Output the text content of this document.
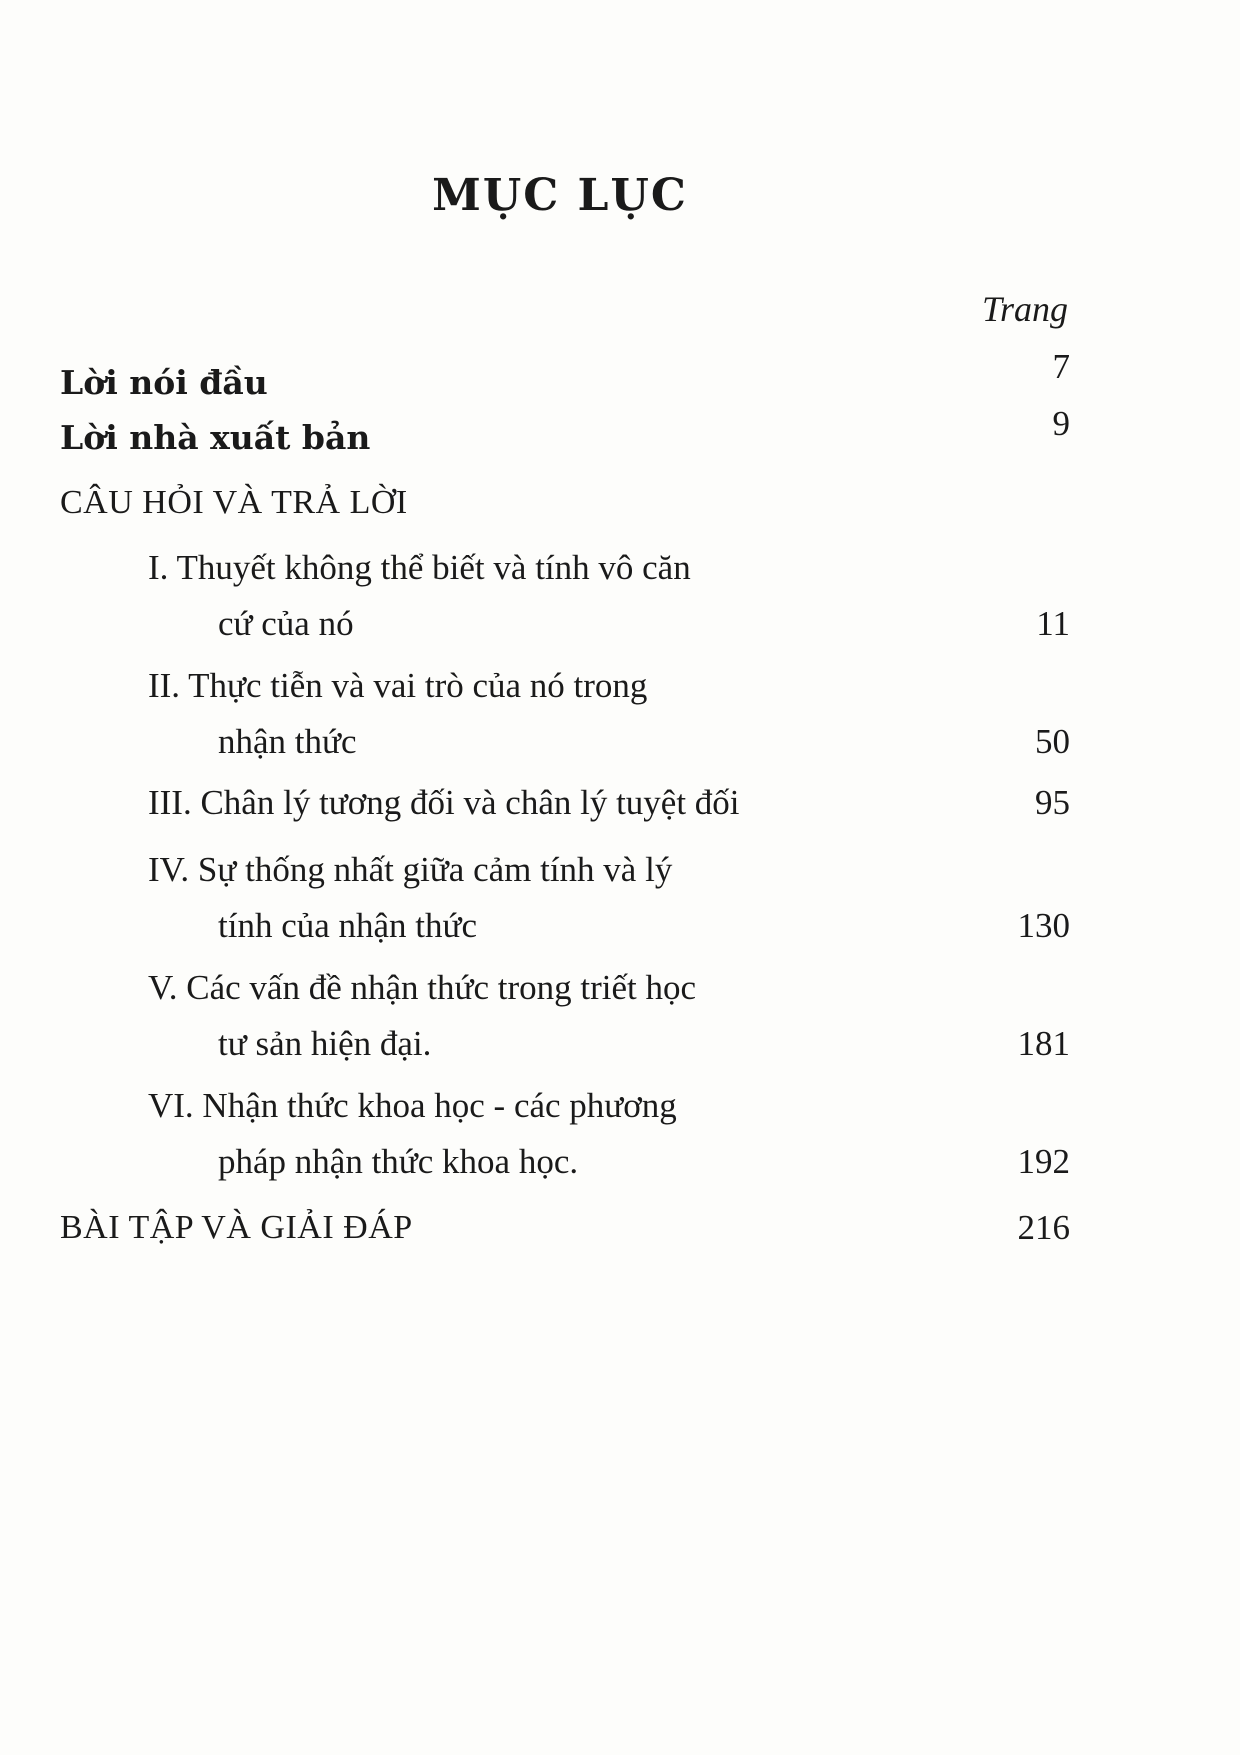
MỤC LỤC
Trang
Lời nói đầu	7
Lời nhà xuất bản	9
CÂU HỎI VÀ TRẢ LỜI
I. Thuyết không thể biết và tính vô căn
cứ của nó	11
II. Thực tiễn và vai trò của nó trong
nhận thức	50
III. Chân lý tương đối và chân lý tuyệt đối	95
IV. Sự thống nhất giữa cảm tính và lý
tính của nhận thức	130
V. Các vấn đề nhận thức trong triết học
tư sản hiện đại.	181
VI. Nhận thức khoa học - các phương
pháp nhận thức khoa học.	192
BÀI TẬP VÀ GIẢI ĐÁP	216
